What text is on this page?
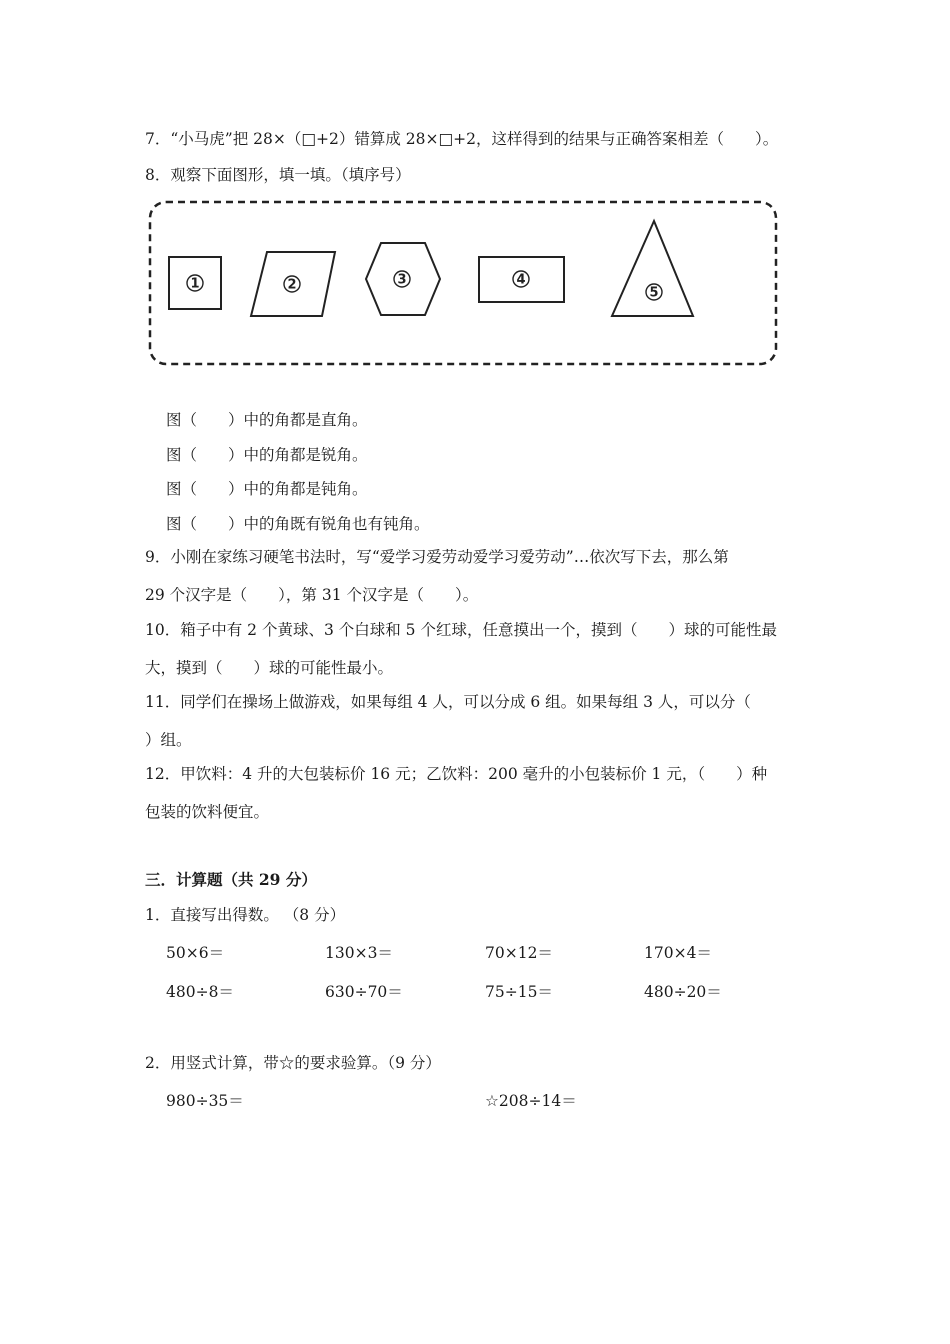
7．“小马虎”把 28×（□+2）错算成 28×□+2，这样得到的结果与正确答案相差（　　）。
8．观察下面图形，填一填。（填序号）
1	2	3	4
5
图（　　）中的角都是直角。
图（　　）中的角都是锐角。
图（　　）中的角都是钝角。
图（　　）中的角既有锐角也有钝角。
9．小刚在家练习硬笔书法时，写“爱学习爱劳动爱学习爱劳动”…依次写下去，那么第
29 个汉字是（　　），第 31 个汉字是（　　）。
10．箱子中有 2 个黄球、3 个白球和 5 个红球，任意摸出一个，摸到（　　）球的可能性最
大，摸到（　　）球的可能性最小。
11．同学们在操场上做游戏，如果每组 4 人，可以分成 6 组。如果每组 3 人，可以分（
）组。
12．甲饮料：4 升的大包装标价 16 元；乙饮料：200 毫升的小包装标价 1 元，（　　）种
包装的饮料便宜。
三．计算题（共 29 分）
1．直接写出得数。 （8 分）
50×6＝	130×3＝	70×12＝	170×4＝
480÷8＝	630÷70＝	75÷15＝	480÷20＝
2．用竖式计算，带☆的要求验算。（9 分）
980÷35＝	☆208÷14＝
